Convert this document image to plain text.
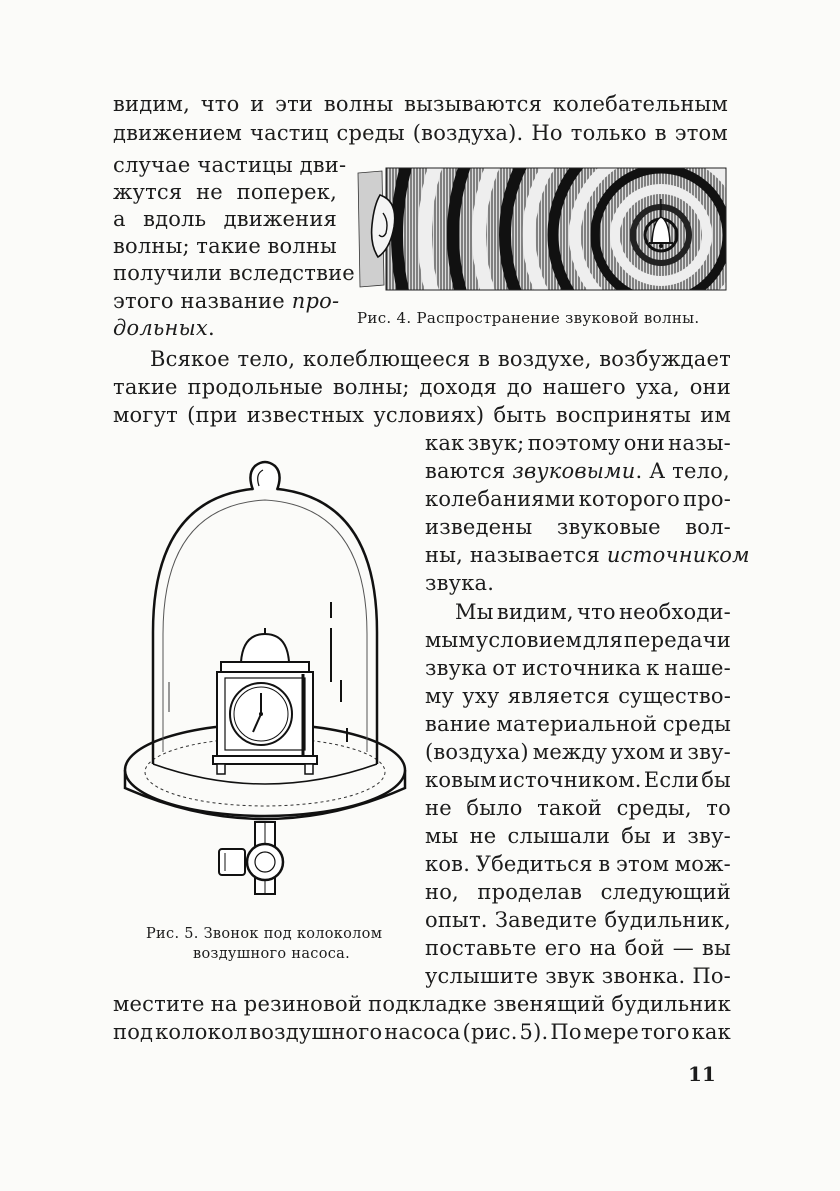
видим, что и эти волны вызываются колебательным
движением частиц среды (воздуха). Но только в этом
случае частицы дви-
жутся не поперек,
а вдоль движения
волны; такие волны
получили вследствие
этого название про-
дольных.	Рис. 4. Распространение звуковой волны.
Всякое тело, колеблющееся в воздухе, возбуждает
такие продольные волны; доходя до нашего уха, они
могут (при известных условиях) быть восприняты им
как звук; поэтому они назы-
ваются звуковыми. А тело,
колебаниями которого про-
изведены звуковые вол-
ны, называется источником
звука.
Мы видим, что необходи-
мым условием для передачи
звука от источника к наше-
му уху является существо-
вание материальной среды
(воздуха) между ухом и зву-
ковым источником. Если бы
не было такой среды, то
мы не слышали бы и зву-
ков. Убедиться в этом мож-
но, проделав следующий
опыт. Заведите будильник,
поставьте его на бой — вы
услышите звук звонка. По-
Рис. 5. Звонок под колоколом
воздушного насоса.
местите на резиновой подкладке звенящий будильник
под колокол воздушного насоса (рис. 5). По мере того как
11
